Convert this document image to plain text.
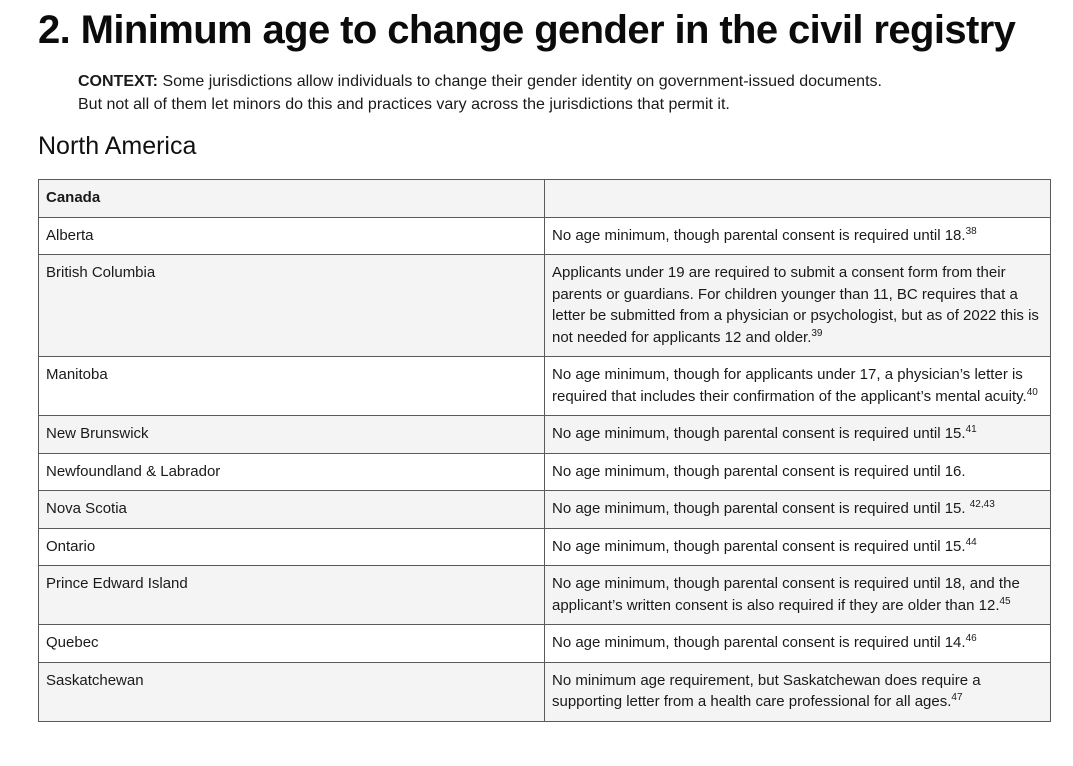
2. Minimum age to change gender in the civil registry
CONTEXT: Some jurisdictions allow individuals to change their gender identity on government-issued documents.
But not all of them let minors do this and practices vary across the jurisdictions that permit it.
North America
Canada	
Alberta	No age minimum, though parental consent is required until 18.38
British Columbia	Applicants under 19 are required to submit a consent form from their parents or guardians. For children younger than 11, BC requires that a letter be submitted from a physician or psychologist, but as of 2022 this is not needed for applicants 12 and older.$^{39}$
Manitoba	No age minimum, though for applicants under 17, a physician’s letter is required that includes their confirmation of the applicant’s mental acuity.$^{40}$
New Brunswick	No age minimum, though parental consent is required until 15.41
Newfoundland & Labrador	No age minimum, though parental consent is required until 16.
Nova Scotia	No age minimum, though parental consent is required until 15. $^{42,43}$
Ontario	No age minimum, though parental consent is required until 15.44
Prince Edward Island	No age minimum, though parental consent is required until 18, and the applicant’s written consent is also required if they are older than 12.45
Quebec	No age minimum, though parental consent is required until 14.46
Saskatchewan	No minimum age requirement, but Saskatchewan does require a supporting letter from a health care professional for all ages.$^{47}$
